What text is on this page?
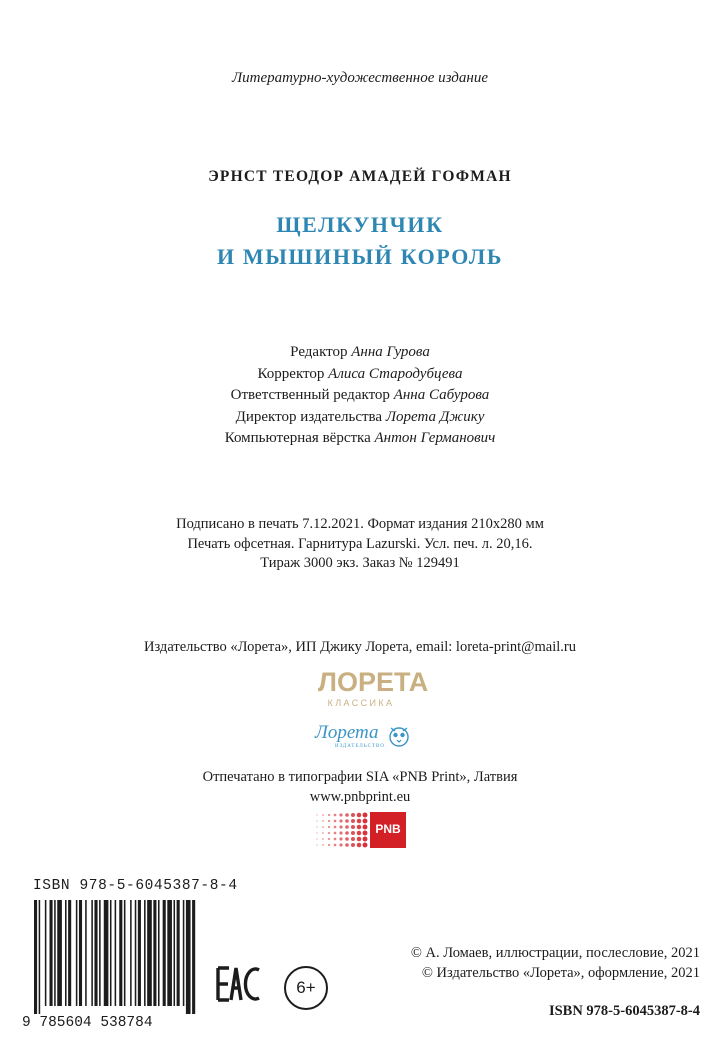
Литературно-художественное издание
ЭРНСТ ТЕОДОР АМАДЕЙ ГОФМАН
ЩЕЛКУНЧИК
И МЫШИНЫЙ КОРОЛЬ
Редактор Анна Гурова
Корректор Алиса Стародубцева
Ответственный редактор Анна Сабурова
Директор издательства Лорета Джику
Компьютерная вёрстка Антон Германович
Подписано в печать 7.12.2021. Формат издания 210x280 мм
Печать офсетная. Гарнитура Lazurski. Усл. печ. л. 20,16.
Тираж 3000 экз. Заказ № 129491
Издательство «Лорета», ИП Джику Лорета, email: loreta-print@mail.ru
ЛОРЕТА
КЛАССИКА
Лорета
ИЗДАТЕЛЬСТВО
Отпечатано в типографии SIA «PNB Print», Латвия
www.pnbprint.eu
PNB
ISBN 978-5-6045387-8-4
9 785604 538784
6+
© А. Ломаев, иллюстрации, послесловие, 2021
© Издательство «Лорета», оформление, 2021
ISBN 978-5-6045387-8-4
